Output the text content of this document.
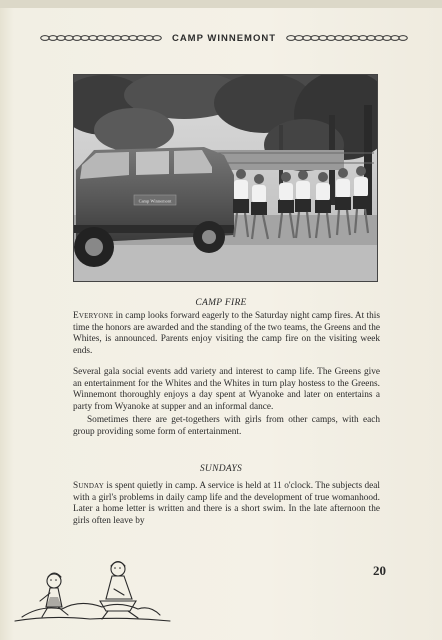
CAMP WINNEMONT
Camp Winnemont
CAMP FIRE

Everyone in camp looks forward eagerly to the Saturday night camp fires. At this time the honors are awarded and the standing of the two teams, the Greens and the Whites, is announced. Parents enjoy visiting the camp fire on the visiting week ends.

Several gala social events add variety and interest to camp life. The Greens give an entertainment for the Whites and the Whites in turn play hostess to the Greens. Winnemont thoroughly enjoys a day spent at Wyanoke and later on entertains a party from Wyanoke at supper and an informal dance.

Sometimes there are get-togethers with girls from other camps, with each group providing some form of entertainment.

SUNDAYS

Sunday is spent quietly in camp. A service is held at 11 o'clock. The subjects deal with a girl's problems in daily camp life and the development of true womanhood. Later a home letter is written and there is a short swim. In the late afternoon the girls often leave by

20
